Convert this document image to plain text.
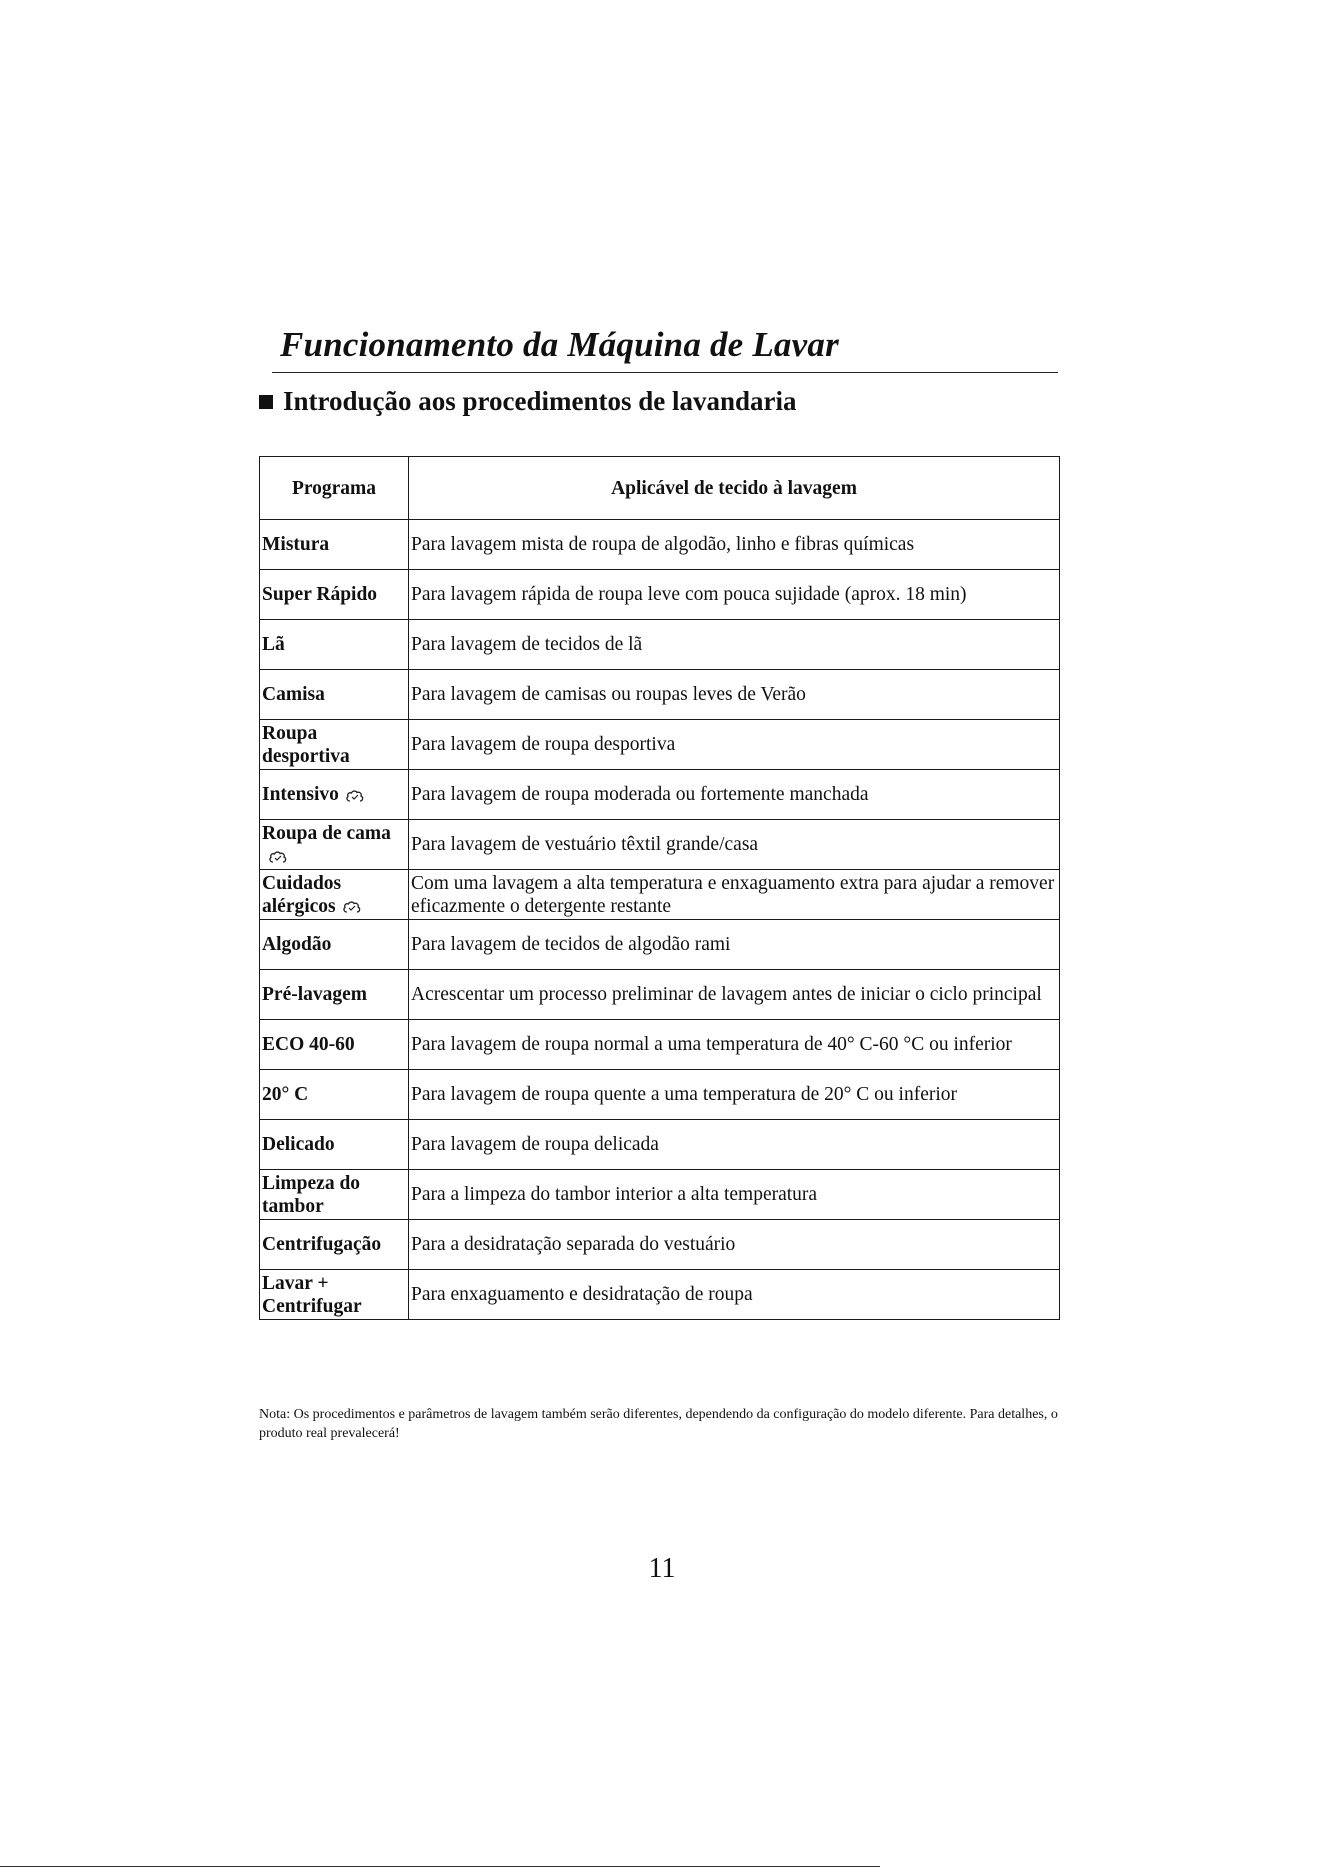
Funcionamento da Máquina de Lavar
Introdução aos procedimentos de lavandaria
Programa	Aplicável de tecido à lavagem
Mistura	Para lavagem mista de roupa de algodão, linho e fibras químicas
Super Rápido	Para lavagem rápida de roupa leve com pouca sujidade (aprox. 18 min)
Lã	Para lavagem de tecidos de lã
Camisa	Para lavagem de camisas ou roupas leves de Verão
Roupa desportiva	Para lavagem de roupa desportiva
Intensivo	Para lavagem de roupa moderada ou fortemente manchada
Roupa de cama	Para lavagem de vestuário têxtil grande/casa
Cuidados alérgicos	Com uma lavagem a alta temperatura e enxaguamento extra para ajudar a remover eficazmente o detergente restante
Algodão	Para lavagem de tecidos de algodão rami
Pré-lavagem	Acrescentar um processo preliminar de lavagem antes de iniciar o ciclo principal
ECO 40-60	Para lavagem de roupa normal a uma temperatura de 40° C-60 °C ou inferior
20° C	Para lavagem de roupa quente a uma temperatura de 20° C ou inferior
Delicado	Para lavagem de roupa delicada
Limpeza do tambor	Para a limpeza do tambor interior a alta temperatura
Centrifugação	Para a desidratação separada do vestuário
Lavar + Centrifugar	Para enxaguamento e desidratação de roupa

Nota: Os procedimentos e parâmetros de lavagem também serão diferentes, dependendo da configuração do modelo diferente. Para detalhes, o produto real prevalecerá!

11
